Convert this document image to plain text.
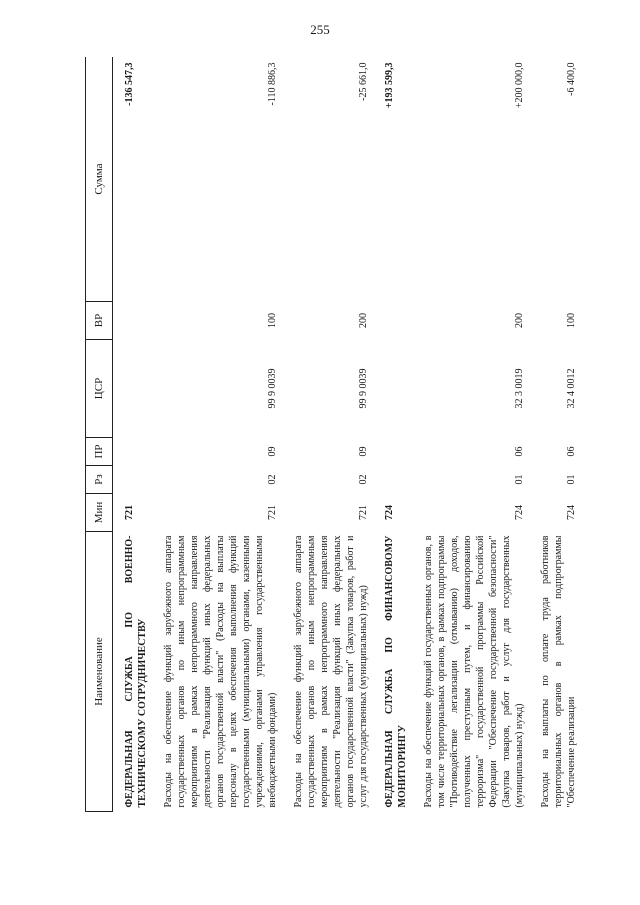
255
Наименование	Мин	Рз	ПР	ЦСР	ВР	Сумма

ФЕДЕРАЛЬНАЯ СЛУЖБА ПО ВОЕННО-ТЕХНИЧЕСКОМУ СОТРУДНИЧЕСТВУ	721					-136 547,3

Расходы на обеспечение функций зарубежного аппарата государственных органов по иным непрограммным мероприятиям в рамках непрограммного направления деятельности "Реализация функций иных федеральных органов государственной власти" (Расходы на выплаты персоналу в целях обеспечения выполнения функций государственными (муниципальными) органами, казенными учреждениями, органами управления государственными внебюджетными фондами)	721	02	09	99 9 0039	100	-110 886,3

Расходы на обеспечение функций зарубежного аппарата государственных органов по иным непрограммным мероприятиям в рамках непрограммного направления деятельности "Реализация функций иных федеральных органов государственной власти" (Закупка товаров, работ и услуг для государственных (муниципальных) нужд)	721	02	09	99 9 0039	200	-25 661,0

ФЕДЕРАЛЬНАЯ СЛУЖБА ПО ФИНАНСОВОМУ МОНИТОРИНГУ	724					+193 599,3

Расходы на обеспечение функций государственных органов, в том числе территориальных органов, в рамках подпрограммы "Противодействие легализации (отмыванию) доходов, полученных преступным путем, и финансированию терроризма" государственной программы Российской Федерации "Обеспечение государственной безопасности" (Закупка товаров, работ и услуг для государственных (муниципальных) нужд)	724	01	06	32 3 0019	200	+200 000,0

Расходы на выплаты по оплате труда работников территориальных органов в рамках подпрограммы "Обеспечение реализации	724	01	06	32 4 0012	100	-6 400,0
